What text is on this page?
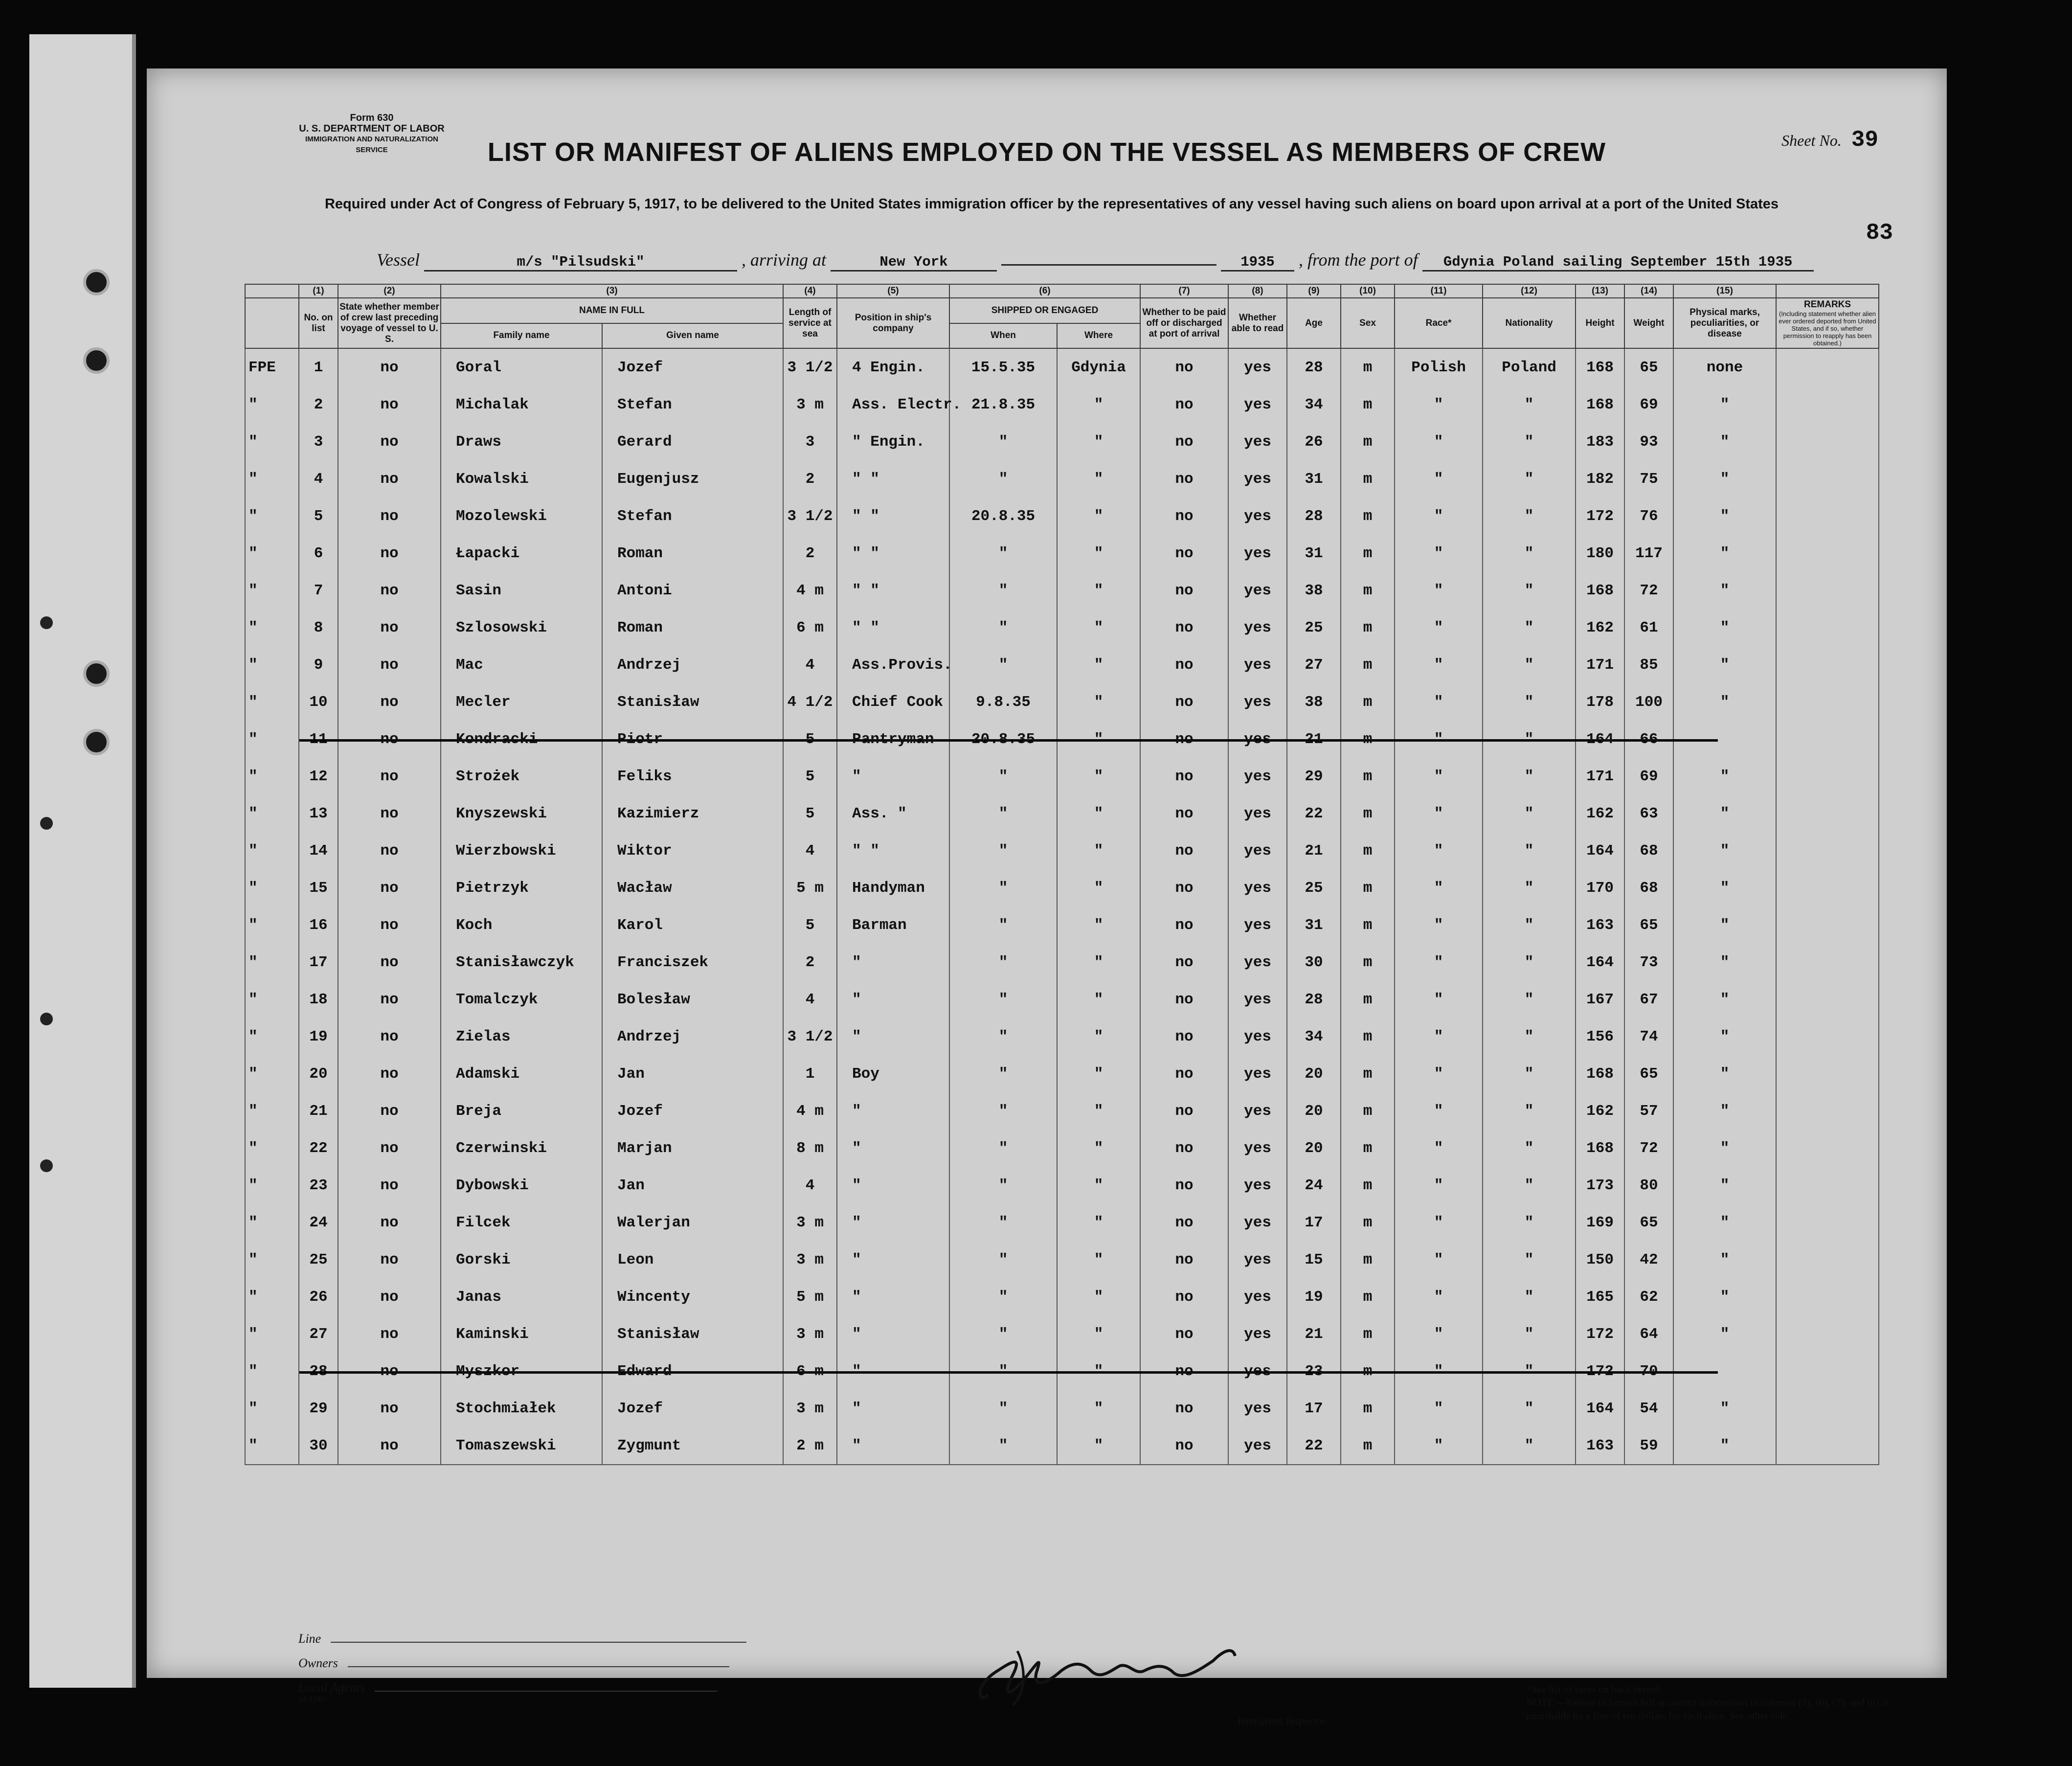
Form 630
U. S. DEPARTMENT OF LABOR
IMMIGRATION AND NATURALIZATION SERVICE	LIST OR MANIFEST OF ALIENS EMPLOYED ON THE VESSEL AS MEMBERS OF CREW	Sheet No. 39
Required under Act of Congress of February 5, 1917, to be delivered to the United States immigration officer by the representatives of any vessel having such aliens on board upon arrival at a port of the United States
83
Vessel	m/s "Pilsudski"	, arriving at	New York	1935 , from the port of Gdynia Poland sailing September 15th 1935
	(1)	(2)	(3)		(4)	(5)	(6)		(7)	(8)	(9)	(10)	(11)	(12)	(13)	(14)	(15)	
	No. on list	State whether member of crew last preceding voyage of vessel to U. S.	NAME IN FULL		Length of service at sea	Position in ship's company	SHIPPED OR ENGAGED		Whether to be paid off or discharged at port of arrival	Whether able to read	Age	Sex	Race*	Nationality	Height	Weight	Physical marks, peculiarities, or disease	REMARKS
(Including statement whether alien ever ordered deported from United States, and if so, whether permission to reapply has been obtained.)

			Family name	Given name			When	Where										
FPE	1	no	Goral	Jozef	3 1/2	4 Engin.	15.5.35	Gdynia	no	yes	28	m	Polish	Poland	168	65	none	
"	2	no	Michalak	Stefan	3 m	Ass. Electr.	21.8.35	"	no	yes	34	m	"	"	168	69	"	
"	3	no	Draws	Gerard	3	" Engin.	"	"	no	yes	26	m	"	"	183	93	"	
"	4	no	Kowalski	Eugenjusz	2	" "	"	"	no	yes	31	m	"	"	182	75	"	
"	5	no	Mozolewski	Stefan	3 1/2	" "	20.8.35	"	no	yes	28	m	"	"	172	76	"	
"	6	no	Łapacki	Roman	2	" "	"	"	no	yes	31	m	"	"	180	117	"	
"	7	no	Sasin	Antoni	4 m	" "	"	"	no	yes	38	m	"	"	168	72	"	
"	8	no	Szlosowski	Roman	6 m	" "	"	"	no	yes	25	m	"	"	162	61	"	
"	9	no	Mac	Andrzej	4	Ass.Provis.	"	"	no	yes	27	m	"	"	171	85	"	
"	10	no	Mecler	Stanisław	4 1/2	Chief Cook	9.8.35	"	no	yes	38	m	"	"	178	100	"	
"		no	Kondracki	Piotr	5	Pantryman	20.8.35	"	no	yes	21	m	"	"	164	66		
"	12	no	Strożek	Feliks	5	"	"	"	no	yes	29	m	"	"	171	69	"	
"	13	no	Knyszewski	Kazimierz	5	Ass. "	"	"	no	yes	22	m	"	"	162	63	"	
"	14	no	Wierzbowski	Wiktor	4	" "	"	"	no	yes	21	m	"	"	164	68	"	
"	15	no	Pietrzyk	Wacław	5 m	Handyman	"	"	no	yes	25	m	"	"	170	68	"	
"	16	no	Koch	Karol	5	Barman	"	"	no	yes	31	m	"	"	163	65	"	
"	17	no	Stanisławczyk	Franciszek	2	"	"	"	no	yes	30	m	"	"	164	73	"	
"	18	no	Tomalczyk	Bolesław	4	"	"	"	no	yes	28	m	"	"	167	67	"	
"	19	no	Zielas	Andrzej	3 1/2	"	"	"	no	yes	34	m	"	"	156	74	"	
"	20	no	Adamski	Jan	1	Boy	"	"	no	yes	20	m	"	"	168	65	"	
"	21	no	Breja	Jozef	4 m	"	"	"	no	yes	20	m	"	"	162	57	"	
"	22	no	Czerwinski	Marjan	8 m	"	"	"	no	yes	20	m	"	"	168	72	"	
"	23	no	Dybowski	Jan	4	"	"	"	no	yes	24	m	"	"	173	80	"	
"	24	no	Filcek	Walerjan	3 m	"	"	"	no	yes	17	m	"	"	169	65	"	
"	25	no	Gorski	Leon	3 m	"	"	"	no	yes	15	m	"	"	150	42	"	
"	26	no	Janas	Wincenty	5 m	"	"	"	no	yes	19	m	"	"	165	62	"	
"	27	no	Kaminski	Stanisław	3 m	"	"	"	no	yes	21	m	"	"	172	64	"	
"		no	Myszkor	Edward	6 m	"	"	"	no	yes	23	m	"	"	172	70		
"	29	no	Stochmiałek	Jozef	3 m	"	"	"	no	yes	17	m	"	"	164	54	"	
"	30	no	Tomaszewski	Zygmunt	2 m	"	"	"	no	yes	22	m	"	"	163	59	"	
Line
Owners
Local Agents
14-1240
Immigrant Inspector.
*See list of races on back hereof.
NOTE.—Failure to furnish full or correct information in columns (3), (6), (7), and (8) is punishable by a fine of ten dollars for each alien. See other side.
